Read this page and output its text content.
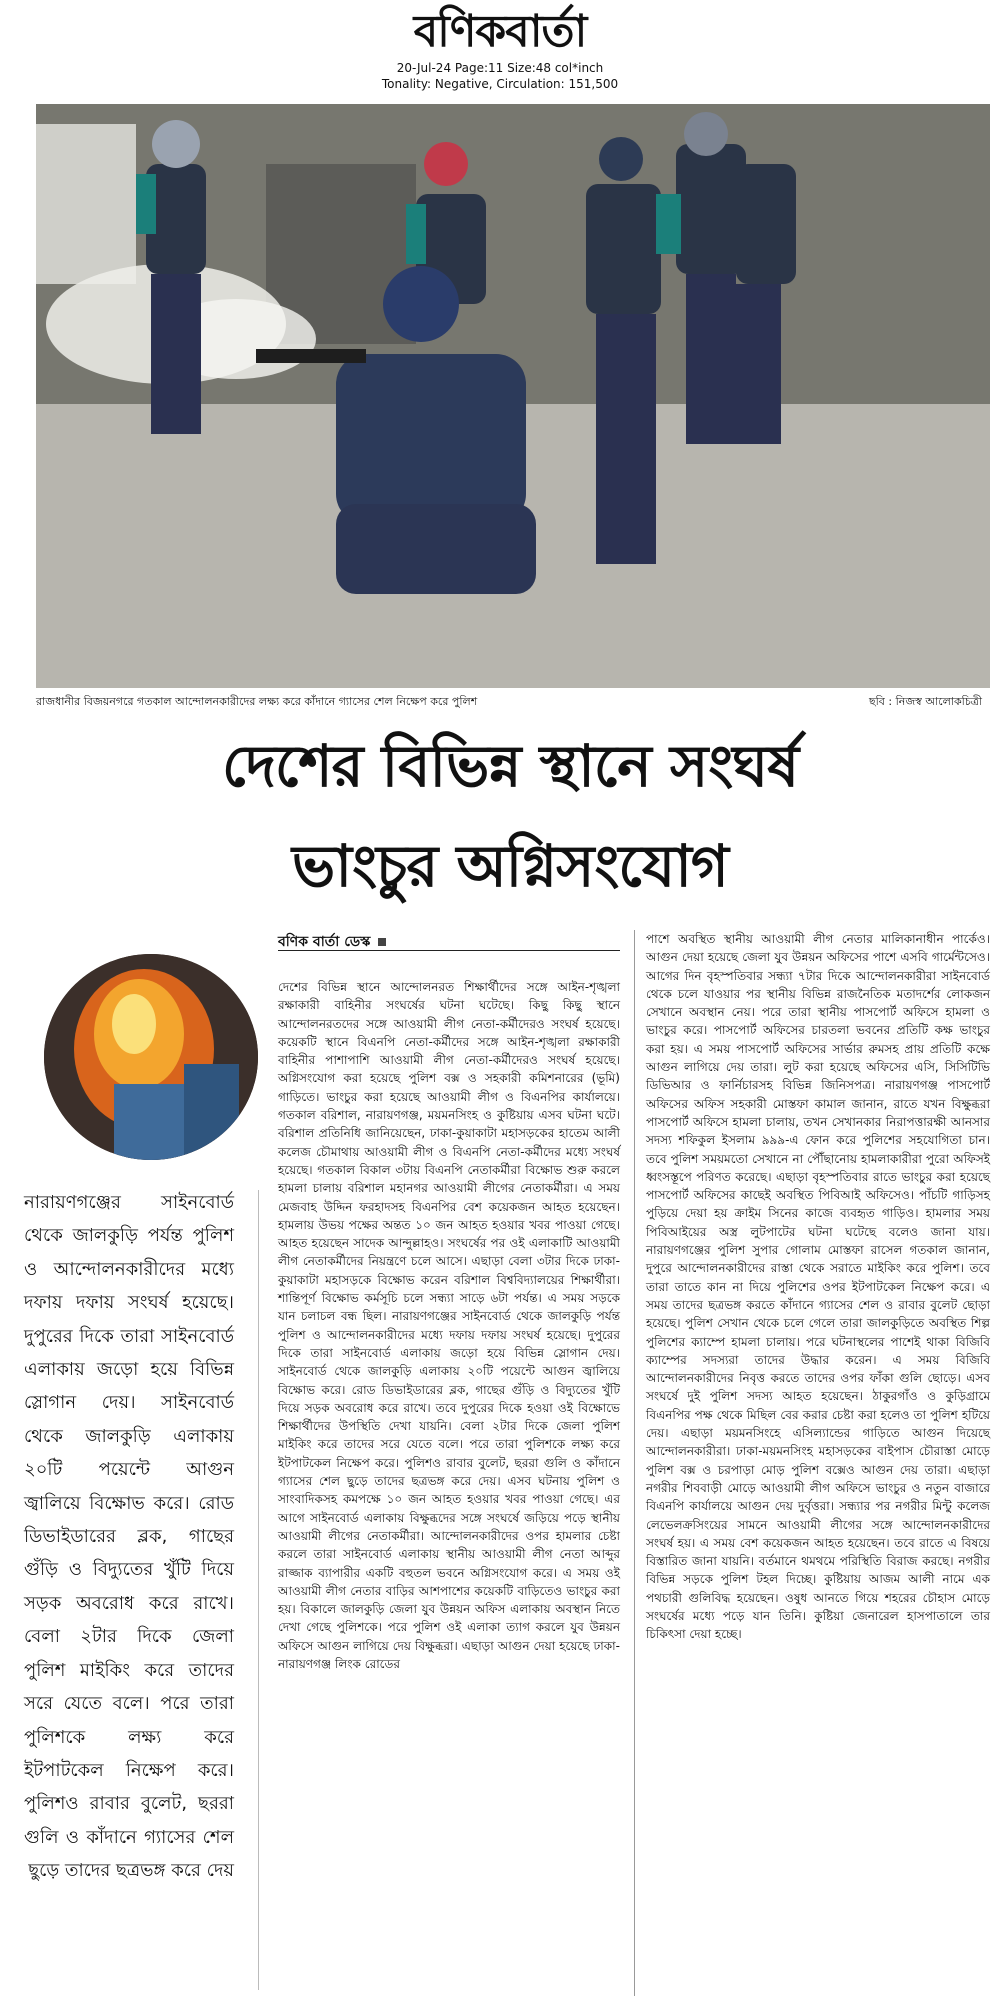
বণিকবার্তা
20-Jul-24 Page:11 Size:48 col*inch
Tonality: Negative, Circulation: 151,500
রাজধানীর বিজয়নগরে গতকাল আন্দোলনকারীদের লক্ষ্য করে কাঁদানে গ্যাসের শেল নিক্ষেপ করে পুলিশ	ছবি : নিজস্ব আলোকচিত্রী
দেশের বিভিন্ন স্থানে সংঘর্ষ
ভাংচুর অগ্নিসংযোগ
বণিক বার্তা ডেস্ক
নারায়ণগঞ্জের সাইনবোর্ড থেকে জালকুড়ি পর্যন্ত পুলিশ ও আন্দোলনকারীদের মধ্যে দফায় দফায় সংঘর্ষ হয়েছে। দুপুরের দিকে তারা সাইনবোর্ড এলাকায় জড়ো হয়ে বিভিন্ন স্লোগান দেয়। সাইনবোর্ড থেকে জালকুড়ি এলাকায় ২০টি পয়েন্টে আগুন জ্বালিয়ে বিক্ষোভ করে। রোড ডিভাইডারের ব্লক, গাছের গুঁড়ি ও বিদ্যুতের খুঁটি দিয়ে সড়ক অবরোধ করে রাখে। বেলা ২টার দিকে জেলা পুলিশ মাইকিং করে তাদের সরে যেতে বলে। পরে তারা পুলিশকে লক্ষ্য করে ইটপাটকেল নিক্ষেপ করে। পুলিশও রাবার বুলেট, ছররা গুলি ও কাঁদানে গ্যাসের শেল ছুড়ে তাদের ছত্রভঙ্গ করে দেয়
দেশের বিভিন্ন স্থানে আন্দোলনরত শিক্ষার্থীদের সঙ্গে আইন-শৃঙ্খলা রক্ষাকারী বাহিনীর সংঘর্ষের ঘটনা ঘটেছে। কিছু কিছু স্থানে আন্দোলনরতদের সঙ্গে আওয়ামী লীগ নেতা-কর্মীদেরও সংঘর্ষ হয়েছে। কয়েকটি স্থানে বিএনপি নেতা-কর্মীদের সঙ্গে আইন-শৃঙ্খলা রক্ষাকারী বাহিনীর পাশাপাশি আওয়ামী লীগ নেতা-কর্মীদেরও সংঘর্ষ হয়েছে। অগ্নিসংযোগ করা হয়েছে পুলিশ বক্স ও সহকারী কমিশনারের (ভূমি) গাড়িতে। ভাংচুর করা হয়েছে আওয়ামী লীগ ও বিএনপির কার্যালয়ে। গতকাল বরিশাল, নারায়ণগঞ্জ, ময়মনসিংহ ও কুষ্টিয়ায় এসব ঘটনা ঘটে। বরিশাল প্রতিনিধি জানিয়েছেন, ঢাকা-কুয়াকাটা মহাসড়কের হাতেম আলী কলেজ চৌমাথায় আওয়ামী লীগ ও বিএনপি নেতা-কর্মীদের মধ্যে সংঘর্ষ হয়েছে। গতকাল বিকাল ৩টায় বিএনপি নেতাকর্মীরা বিক্ষোভ শুরু করলে হামলা চালায় বরিশাল মহানগর আওয়ামী লীগের নেতাকর্মীরা। এ সময় মেজবাহ উদ্দিন ফরহাদসহ বিএনপির বেশ কয়েকজন আহত হয়েছেন। হামলায় উভয় পক্ষের অন্তত ১০ জন আহত হওয়ার খবর পাওয়া গেছে। আহত হয়েছেন সাদেক আন্দুল্লাহও। সংঘর্ষের পর ওই এলাকাটি আওয়ামী লীগ নেতাকর্মীদের নিয়ন্ত্রণে চলে আসে। এছাড়া বেলা ৩টার দিকে ঢাকা-কুয়াকাটা মহাসড়কে বিক্ষোভ করেন বরিশাল বিশ্ববিদ্যালয়ের শিক্ষার্থীরা। শান্তিপূর্ণ বিক্ষোভ কর্মসূচি চলে সন্ধ্যা সাড়ে ৬টা পর্যন্ত। এ সময় সড়কে যান চলাচল বন্ধ ছিল। নারায়ণগঞ্জের সাইনবোর্ড থেকে জালকুড়ি পর্যন্ত পুলিশ ও আন্দোলনকারীদের মধ্যে দফায় দফায় সংঘর্ষ হয়েছে। দুপুরের দিকে তারা সাইনবোর্ড এলাকায় জড়ো হয়ে বিভিন্ন স্লোগান দেয়। সাইনবোর্ড থেকে জালকুড়ি এলাকায় ২০টি পয়েন্টে আগুন জ্বালিয়ে বিক্ষোভ করে। রোড ডিভাইডারের ব্লক, গাছের গুঁড়ি ও বিদ্যুতের খুঁটি দিয়ে সড়ক অবরোধ করে রাখে। তবে দুপুরের দিকে হওয়া ওই বিক্ষোভে শিক্ষার্থীদের উপস্থিতি দেখা যায়নি। বেলা ২টার দিকে জেলা পুলিশ মাইকিং করে তাদের সরে যেতে বলে। পরে তারা পুলিশকে লক্ষ্য করে ইটপাটকেল নিক্ষেপ করে। পুলিশও রাবার বুলেট, ছররা গুলি ও কাঁদানে গ্যাসের শেল ছুড়ে তাদের ছত্রভঙ্গ করে দেয়। এসব ঘটনায় পুলিশ ও সাংবাদিকসহ কমপক্ষে ১০ জন আহত হওয়ার খবর পাওয়া গেছে। এর আগে সাইনবোর্ড এলাকায় বিক্ষুব্ধদের সঙ্গে সংঘর্ষে জড়িয়ে পড়ে স্থানীয় আওয়ামী লীগের নেতাকর্মীরা। আন্দোলনকারীদের ওপর হামলার চেষ্টা করলে তারা সাইনবোর্ড এলাকায় স্থানীয় আওয়ামী লীগ নেতা আব্দুর রাজ্জাক ব্যাপারীর একটি বহুতল ভবনে অগ্নিসংযোগ করে। এ সময় ওই আওয়ামী লীগ নেতার বাড়ির আশপাশের কয়েকটি বাড়িতেও ভাংচুর করা হয়। বিকালে জালকুড়ি জেলা যুব উন্নয়ন অফিস এলাকায় অবস্থান নিতে দেখা গেছে পুলিশকে। পরে পুলিশ ওই এলাকা ত্যাগ করলে যুব উন্নয়ন অফিসে আগুন লাগিয়ে দেয় বিক্ষুব্ধরা। এছাড়া আগুন দেয়া হয়েছে ঢাকা-নারায়ণগঞ্জ লিংক রোডের
পাশে অবস্থিত স্থানীয় আওয়ামী লীগ নেতার মালিকানাধীন পার্কেও। আগুন দেয়া হয়েছে জেলা যুব উন্নয়ন অফিসের পাশে এসবি গার্মেন্টসেও। আগের দিন বৃহস্পতিবার সন্ধ্যা ৭টার দিকে আন্দোলনকারীরা সাইনবোর্ড থেকে চলে যাওয়ার পর স্থানীয় বিভিন্ন রাজনৈতিক মতাদর্শের লোকজন সেখানে অবস্থান নেয়। পরে তারা স্থানীয় পাসপোর্ট অফিসে হামলা ও ভাংচুর করে। পাসপোর্ট অফিসের চারতলা ভবনের প্রতিটি কক্ষ ভাংচুর করা হয়। এ সময় পাসপোর্ট অফিসের সার্ভার রুমসহ প্রায় প্রতিটি কক্ষে আগুন লাগিয়ে দেয় তারা। লুট করা হয়েছে অফিসের এসি, সিসিটিভি ডিভিআর ও ফার্নিচারসহ বিভিন্ন জিনিসপত্র। নারায়ণগঞ্জ পাসপোর্ট অফিসের অফিস সহকারী মোস্তফা কামাল জানান, রাতে যখন বিক্ষুব্ধরা পাসপোর্ট অফিসে হামলা চালায়, তখন সেখানকার নিরাপত্তারক্ষী আনসার সদস্য শফিকুল ইসলাম ৯৯৯-এ ফোন করে পুলিশের সহযোগিতা চান। তবে পুলিশ সময়মতো সেখানে না পৌঁছানোয় হামলাকারীরা পুরো অফিসই ধ্বংসস্তূপে পরিণত করেছে। এছাড়া বৃহস্পতিবার রাতে ভাংচুর করা হয়েছে পাসপোর্ট অফিসের কাছেই অবস্থিত পিবিআই অফিসেও। পাঁচটি গাড়িসহ পুড়িয়ে দেয়া হয় ক্রাইম সিনের কাজে ব্যবহৃত গাড়িও। হামলার সময় পিবিআইয়ের অস্ত্র লুটপাটের ঘটনা ঘটেছে বলেও জানা যায়। নারায়ণগঞ্জের পুলিশ সুপার গোলাম মোস্তফা রাসেল গতকাল জানান, দুপুরে আন্দোলনকারীদের রাস্তা থেকে সরাতে মাইকিং করে পুলিশ। তবে তারা তাতে কান না দিয়ে পুলিশের ওপর ইটপাটকেল নিক্ষেপ করে। এ সময় তাদের ছত্রভঙ্গ করতে কাঁদানে গ্যাসের শেল ও রাবার বুলেট ছোড়া হয়েছে। পুলিশ সেখান থেকে চলে গেলে তারা জালকুড়িতে অবস্থিত শিল্প পুলিশের ক্যাম্পে হামলা চালায়। পরে ঘটনাস্থলের পাশেই থাকা বিজিবি ক্যাম্পের সদস্যরা তাদের উদ্ধার করেন। এ সময় বিজিবি আন্দোলনকারীদের নিবৃত্ত করতে তাদের ওপর ফাঁকা গুলি ছোড়ে। এসব সংঘর্ষে দুই পুলিশ সদস্য আহত হয়েছেন। ঠাকুরগাঁও ও কুড়িগ্রামে বিএনপির পক্ষ থেকে মিছিল বের করার চেষ্টা করা হলেও তা পুলিশ হটিয়ে দেয়। এছাড়া ময়মনসিংহে এসিল্যান্ডের গাড়িতে আগুন দিয়েছে আন্দোলনকারীরা। ঢাকা-ময়মনসিংহ মহাসড়কের বাইপাস চৌরাস্তা মোড়ে পুলিশ বক্স ও চরপাড়া মোড় পুলিশ বক্সেও আগুন দেয় তারা। এছাড়া নগরীর শিববাড়ী মোড়ে আওয়ামী লীগ অফিসে ভাংচুর ও নতুন বাজারে বিএনপি কার্যালয়ে আগুন দেয় দুর্বৃত্তরা। সন্ধ্যার পর নগরীর মিন্টু কলেজ লেভেলক্রসিংয়ের সামনে আওয়ামী লীগের সঙ্গে আন্দোলনকারীদের সংঘর্ষ হয়। এ সময় বেশ কয়েকজন আহত হয়েছেন। তবে রাতে এ বিষয়ে বিস্তারিত জানা যায়নি। বর্তমানে থমথমে পরিস্থিতি বিরাজ করছে। নগরীর বিভিন্ন সড়কে পুলিশ টহল দিচ্ছে। কুষ্টিয়ায় আজম আলী নামে এক পথচারী গুলিবিদ্ধ হয়েছেন। ওষুধ আনতে গিয়ে শহরের চৌহাস মোড়ে সংঘর্ষের মধ্যে পড়ে যান তিনি। কুষ্টিয়া জেনারেল হাসপাতালে তার চিকিৎসা দেয়া হচ্ছে।
